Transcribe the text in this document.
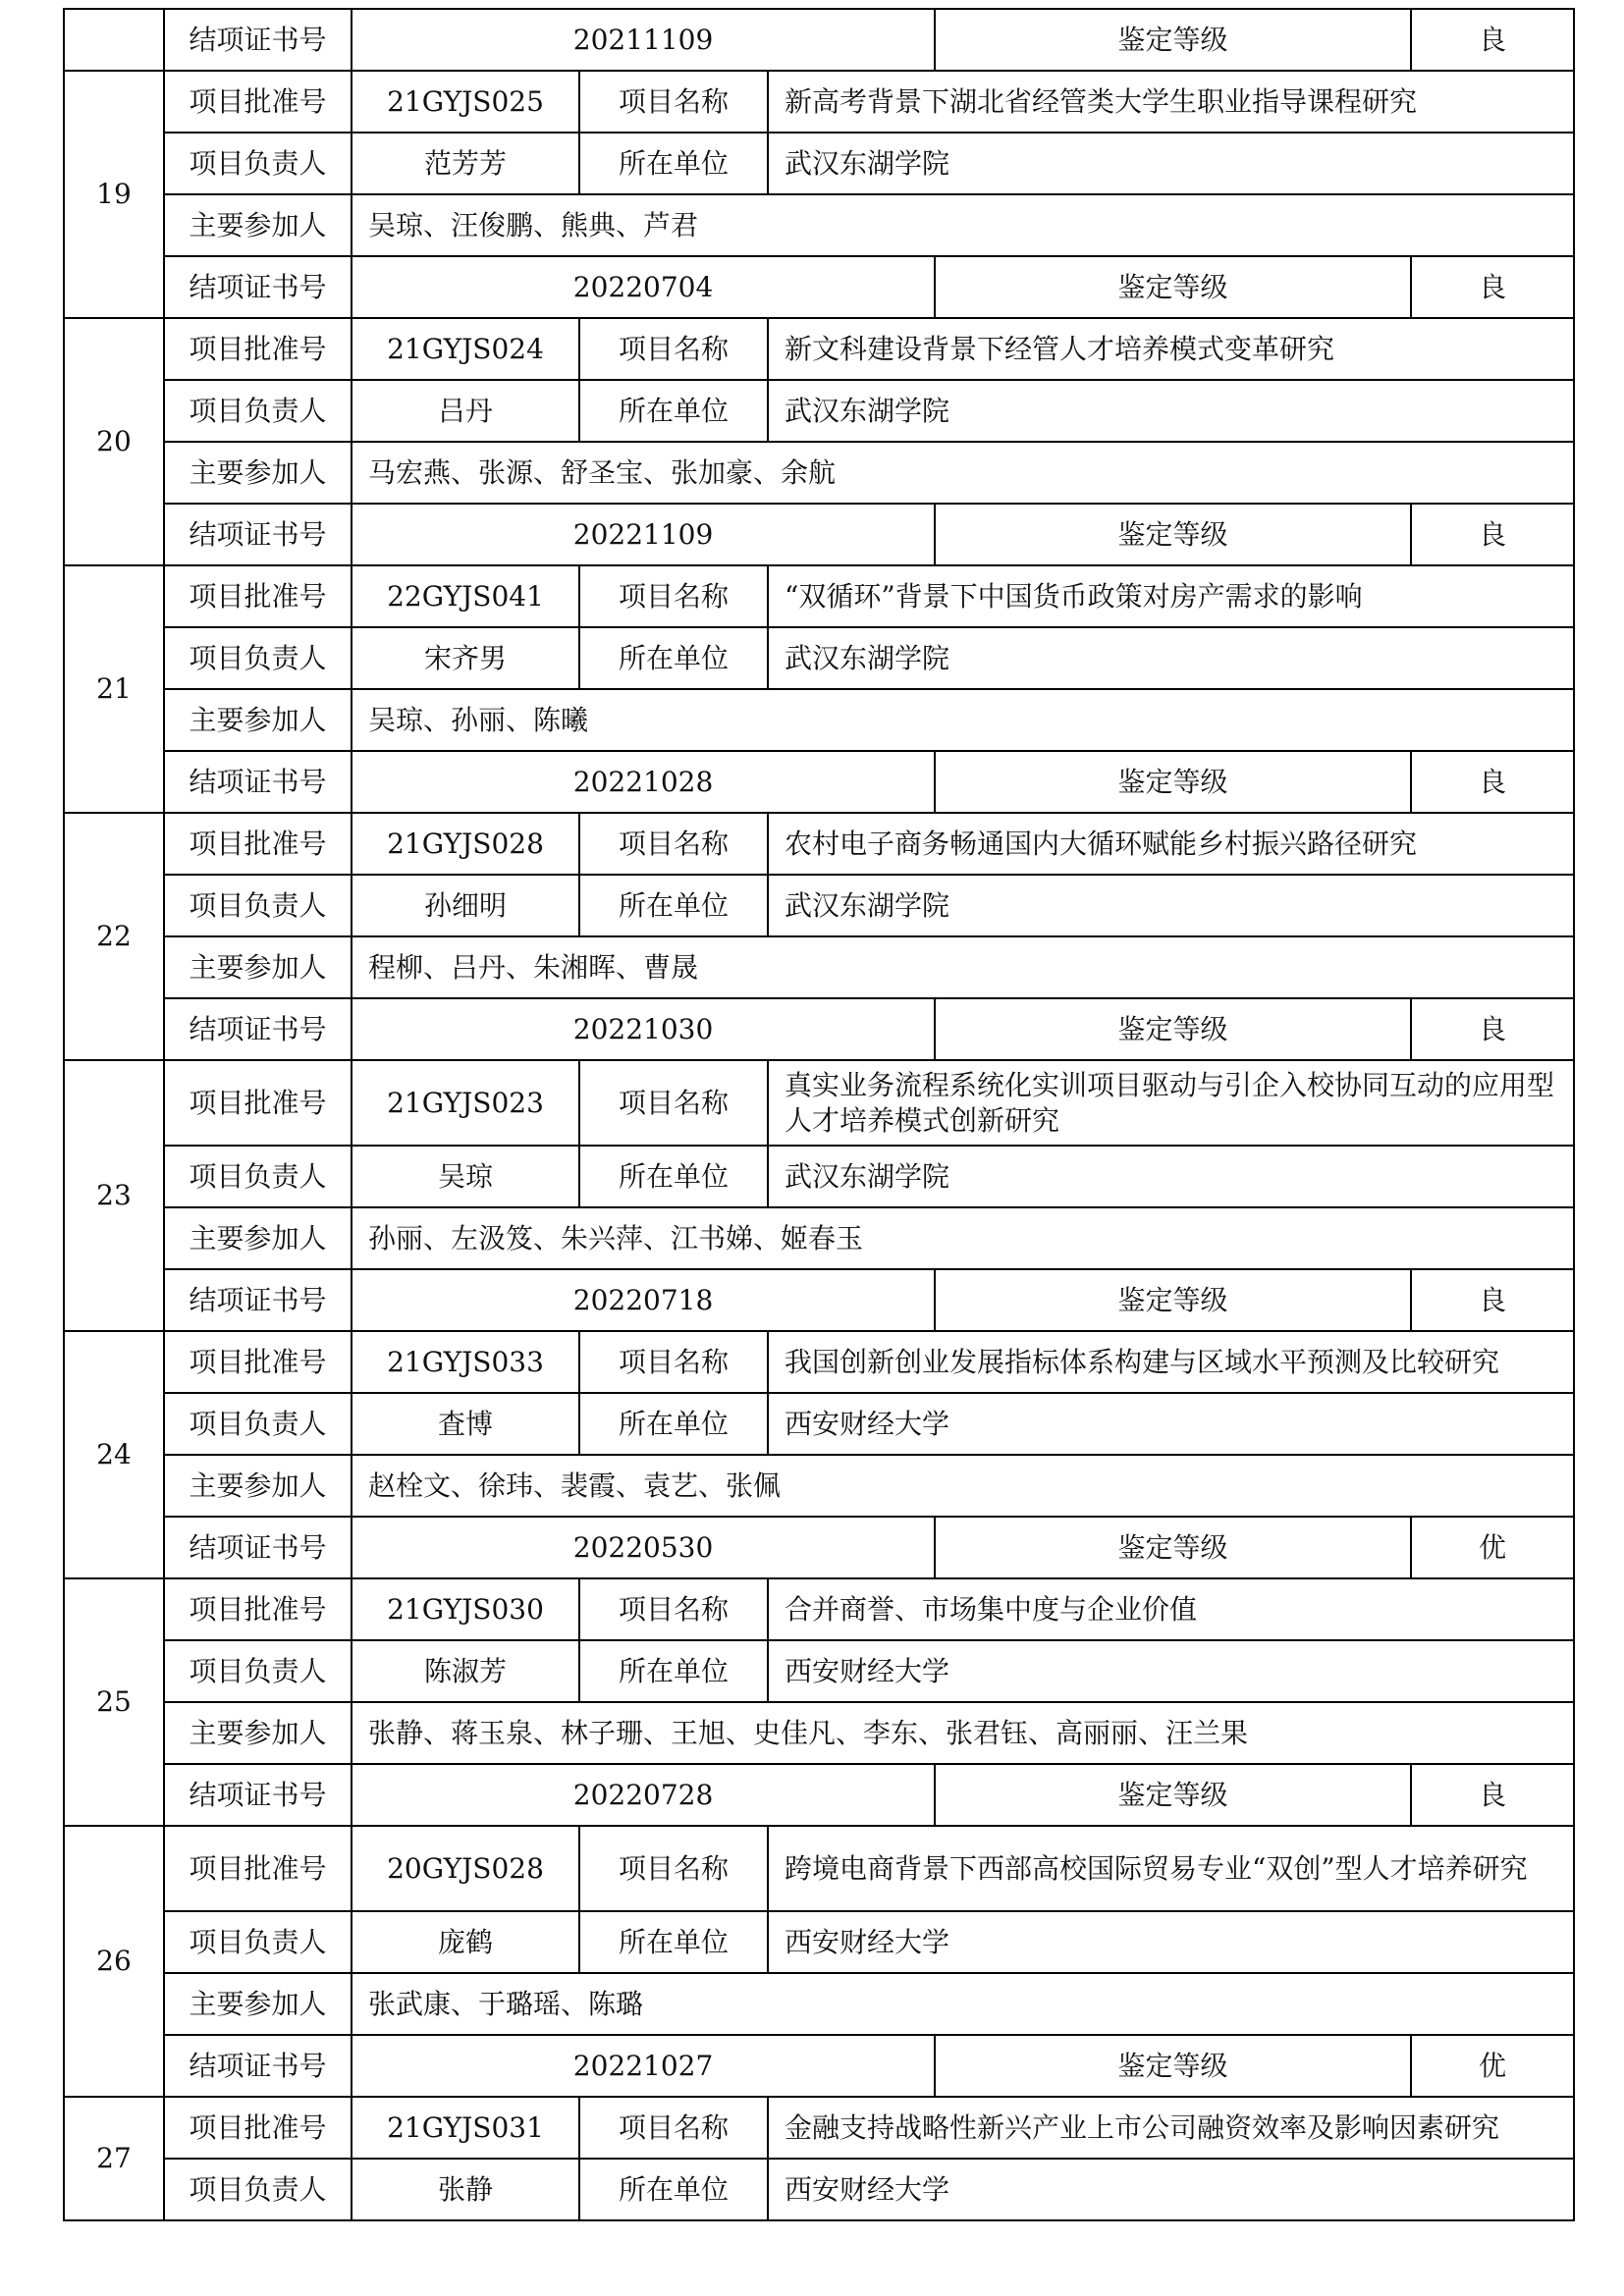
	结项证书号	20211109			鉴定等级	良
19	项目批准号	21GYJS025	项目名称	新高考背景下湖北省经管类大学生职业指导课程研究		
	项目负责人	范芳芳	所在单位	武汉东湖学院		
	主要参加人	吴琼、汪俊鹏、熊典、芦君				
	结项证书号	20220704			鉴定等级	良
20	项目批准号	21GYJS024	项目名称	新文科建设背景下经管人才培养模式变革研究		
	项目负责人	吕丹	所在单位	武汉东湖学院		
	主要参加人	马宏燕、张源、舒圣宝、张加豪、余航				
	结项证书号	20221109			鉴定等级	良
21	项目批准号	22GYJS041	项目名称	“双循环”背景下中国货币政策对房产需求的影响		
	项目负责人	宋齐男	所在单位	武汉东湖学院		
	主要参加人	吴琼、孙丽、陈曦				
	结项证书号	20221028			鉴定等级	良
22	项目批准号	21GYJS028	项目名称	农村电子商务畅通国内大循环赋能乡村振兴路径研究		
	项目负责人	孙细明	所在单位	武汉东湖学院		
	主要参加人	程柳、吕丹、朱湘晖、曹晟				
	结项证书号	20221030			鉴定等级	良
23	项目批准号	21GYJS023	项目名称	真实业务流程系统化实训项目驱动与引企入校协同互动的应用型人才培养模式创新研究		
	项目负责人	吴琼	所在单位	武汉东湖学院		
	主要参加人	孙丽、左汲笈、朱兴萍、江书娣、姬春玉				
	结项证书号	20220718			鉴定等级	良
24	项目批准号	21GYJS033	项目名称	我国创新创业发展指标体系构建与区域水平预测及比较研究		
	项目负责人	査博	所在单位	西安财经大学		
	主要参加人	赵栓文、徐玮、裴霞、袁艺、张佩				
	结项证书号	20220530			鉴定等级	优
25	项目批准号	21GYJS030	项目名称	合并商誉、市场集中度与企业价值		
	项目负责人	陈淑芳	所在单位	西安财经大学		
	主要参加人	张静、蒋玉泉、林子珊、王旭、史佳凡、李东、张君钰、高丽丽、汪兰果				
	结项证书号	20220728			鉴定等级	良
26	项目批准号	20GYJS028	项目名称	跨境电商背景下西部高校国际贸易专业“双创”型人才培养研究		
	项目负责人	庞鹤	所在单位	西安财经大学		
	主要参加人	张武康、于璐瑶、陈璐				
	结项证书号	20221027			鉴定等级	优
27	项目批准号	21GYJS031	项目名称	金融支持战略性新兴产业上市公司融资效率及影响因素研究		
	项目负责人	张静	所在单位	西安财经大学		
